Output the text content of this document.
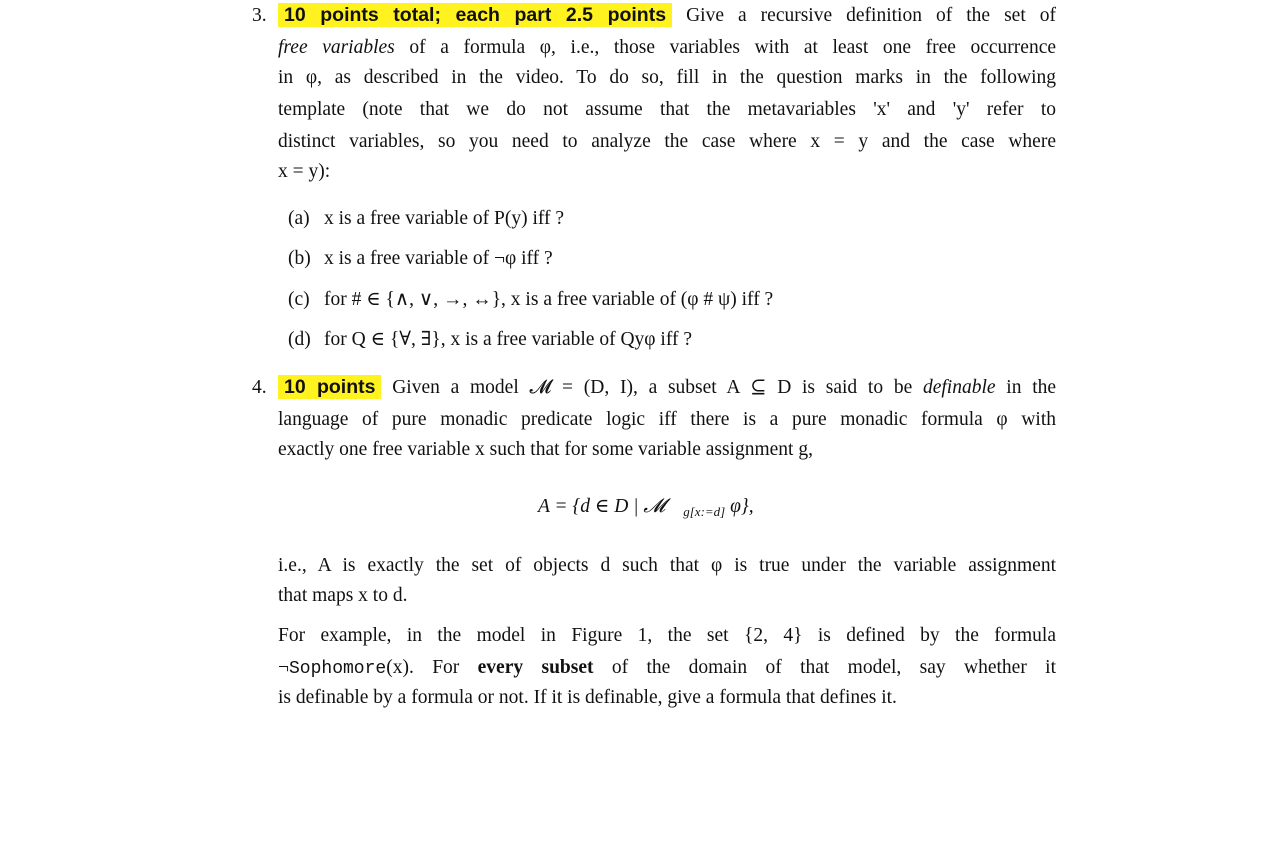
3. 10 points total; each part 2.5 points Give a recursive definition of the set of
free variables of a formula φ, i.e., those variables with at least one free occurrence
in φ, as described in the video. To do so, fill in the question marks in the following
template (note that we do not assume that the metavariables 'x' and 'y' refer to
distinct variables, so you need to analyze the case where x = y and the case where
x = y):
(a) x is a free variable of P(y) iff ?
(b) x is a free variable of ¬φ iff ?
(c) for # ∈ {∧, ∨, →, ↔}, x is a free variable of (φ # ψ) iff ?
(d) for Q ∈ {∀, ∃}, x is a free variable of Qyφ iff ?
4. 10 points Given a model 𝓜 = (D, I), a subset A ⊆ D is said to be definable in the
language of pure monadic predicate logic iff there is a pure monadic formula φ with
exactly one free variable x such that for some variable assignment g,
A = {d ∈ D | 𝓜 $_{g[x:=d]}$ φ},
i.e., A is exactly the set of objects d such that φ is true under the variable assignment
that maps x to d.
For example, in the model in Figure 1, the set {2, 4} is defined by the formula
¬Sophomore(x). For every subset of the domain of that model, say whether it
is definable by a formula or not. If it is definable, give a formula that defines it.
